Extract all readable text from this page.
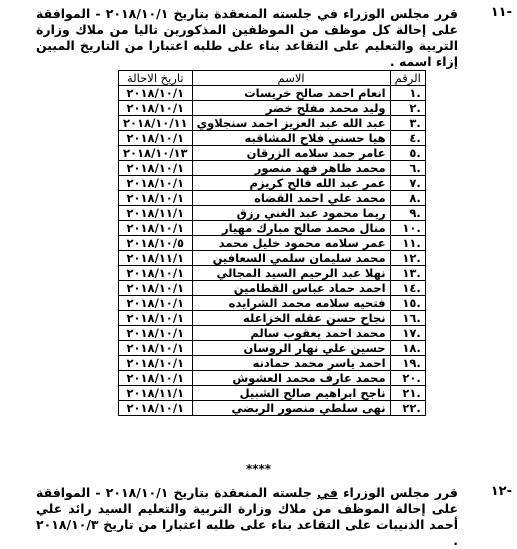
-١١
قرر مجلس الوزراء في جلسته المنعقدة بتاريخ ٢٠١٨/١٠/١ - الموافقة على إحالة كل موظف من الموظفين المذكورين تاليا من ملاك وزارة التربية والتعليم على التقاعد بناء على طلبه اعتبارا من التاريخ المبين إزاء اسمه .
الرقم	الاسم	تاريخ الاحالة
.١	انعام احمد صالح خريسات	٢٠١٨/١٠/١
.٢	وليد محمد مفلح خضر	٢٠١٨/١٠/١
.٣	عبد الله عبد العزيز احمد سنجلاوي	٢٠١٨/١٠/١١
.٤	هيا حسني فلاح المشاقبه	٢٠١٨/١٠/١
.٥	عامر حمد سلامه الزرقان	٢٠١٨/١٠/١٣
.٦	محمد ظاهر فهد منصور	٢٠١٨/١٠/١
.٧	عمر عبد الله فالح كريزم	٢٠١٨/١٠/١
.٨	محمد علي احمد القضاه	٢٠١٨/١٠/١
.٩	ريما محمود عبد الغني رزق	٢٠١٨/١١/١
.١٠	منال محمد صالح مبارك مهيار	٢٠١٨/١٠/١
.١١	عمر سلامه محمود خليل محمد	٢٠١٨/١٠/٥
.١٢	محمد سليمان سلمي السعافين	٢٠١٨/١١/١
.١٣	نهلا عبد الرحيم السيد المجالي	٢٠١٨/١٠/١
.١٤	احمد حماد عباس القطامين	٢٠١٨/١٠/١
.١٥	فتحيه سلامه محمد الشرايده	٢٠١٨/١٠/١
.١٦	نجاح حسن عقله الخزاعله	٢٠١٨/١٠/١
.١٧	محمد احمد يعقوب سالم	٢٠١٨/١٠/١
.١٨	حسين علي نهار الروسان	٢٠١٨/١٠/١
.١٩	احمد ياسر محمد حمادنه	٢٠١٨/١٠/١
.٢٠	محمد عارف محمد العشوش	٢٠١٨/١٠/١
.٢١	ناجح ابراهيم صالح الشبيل	٢٠١٨/١١/١
.٢٢	نهى سلطي منصور الربضي	٢٠١٨/١٠/١
****
-١٢
قرر مجلس الوزراء في جلسته المنعقدة بتاريخ ٢٠١٨/١٠/١ - الموافقة على إحالة الموظف من ملاك وزارة التربية والتعليم السيد رائد علي أحمد الذنيبات على التقاعد بناء على طلبه اعتبارا من تاريخ ٢٠١٨/١٠/٣ .
